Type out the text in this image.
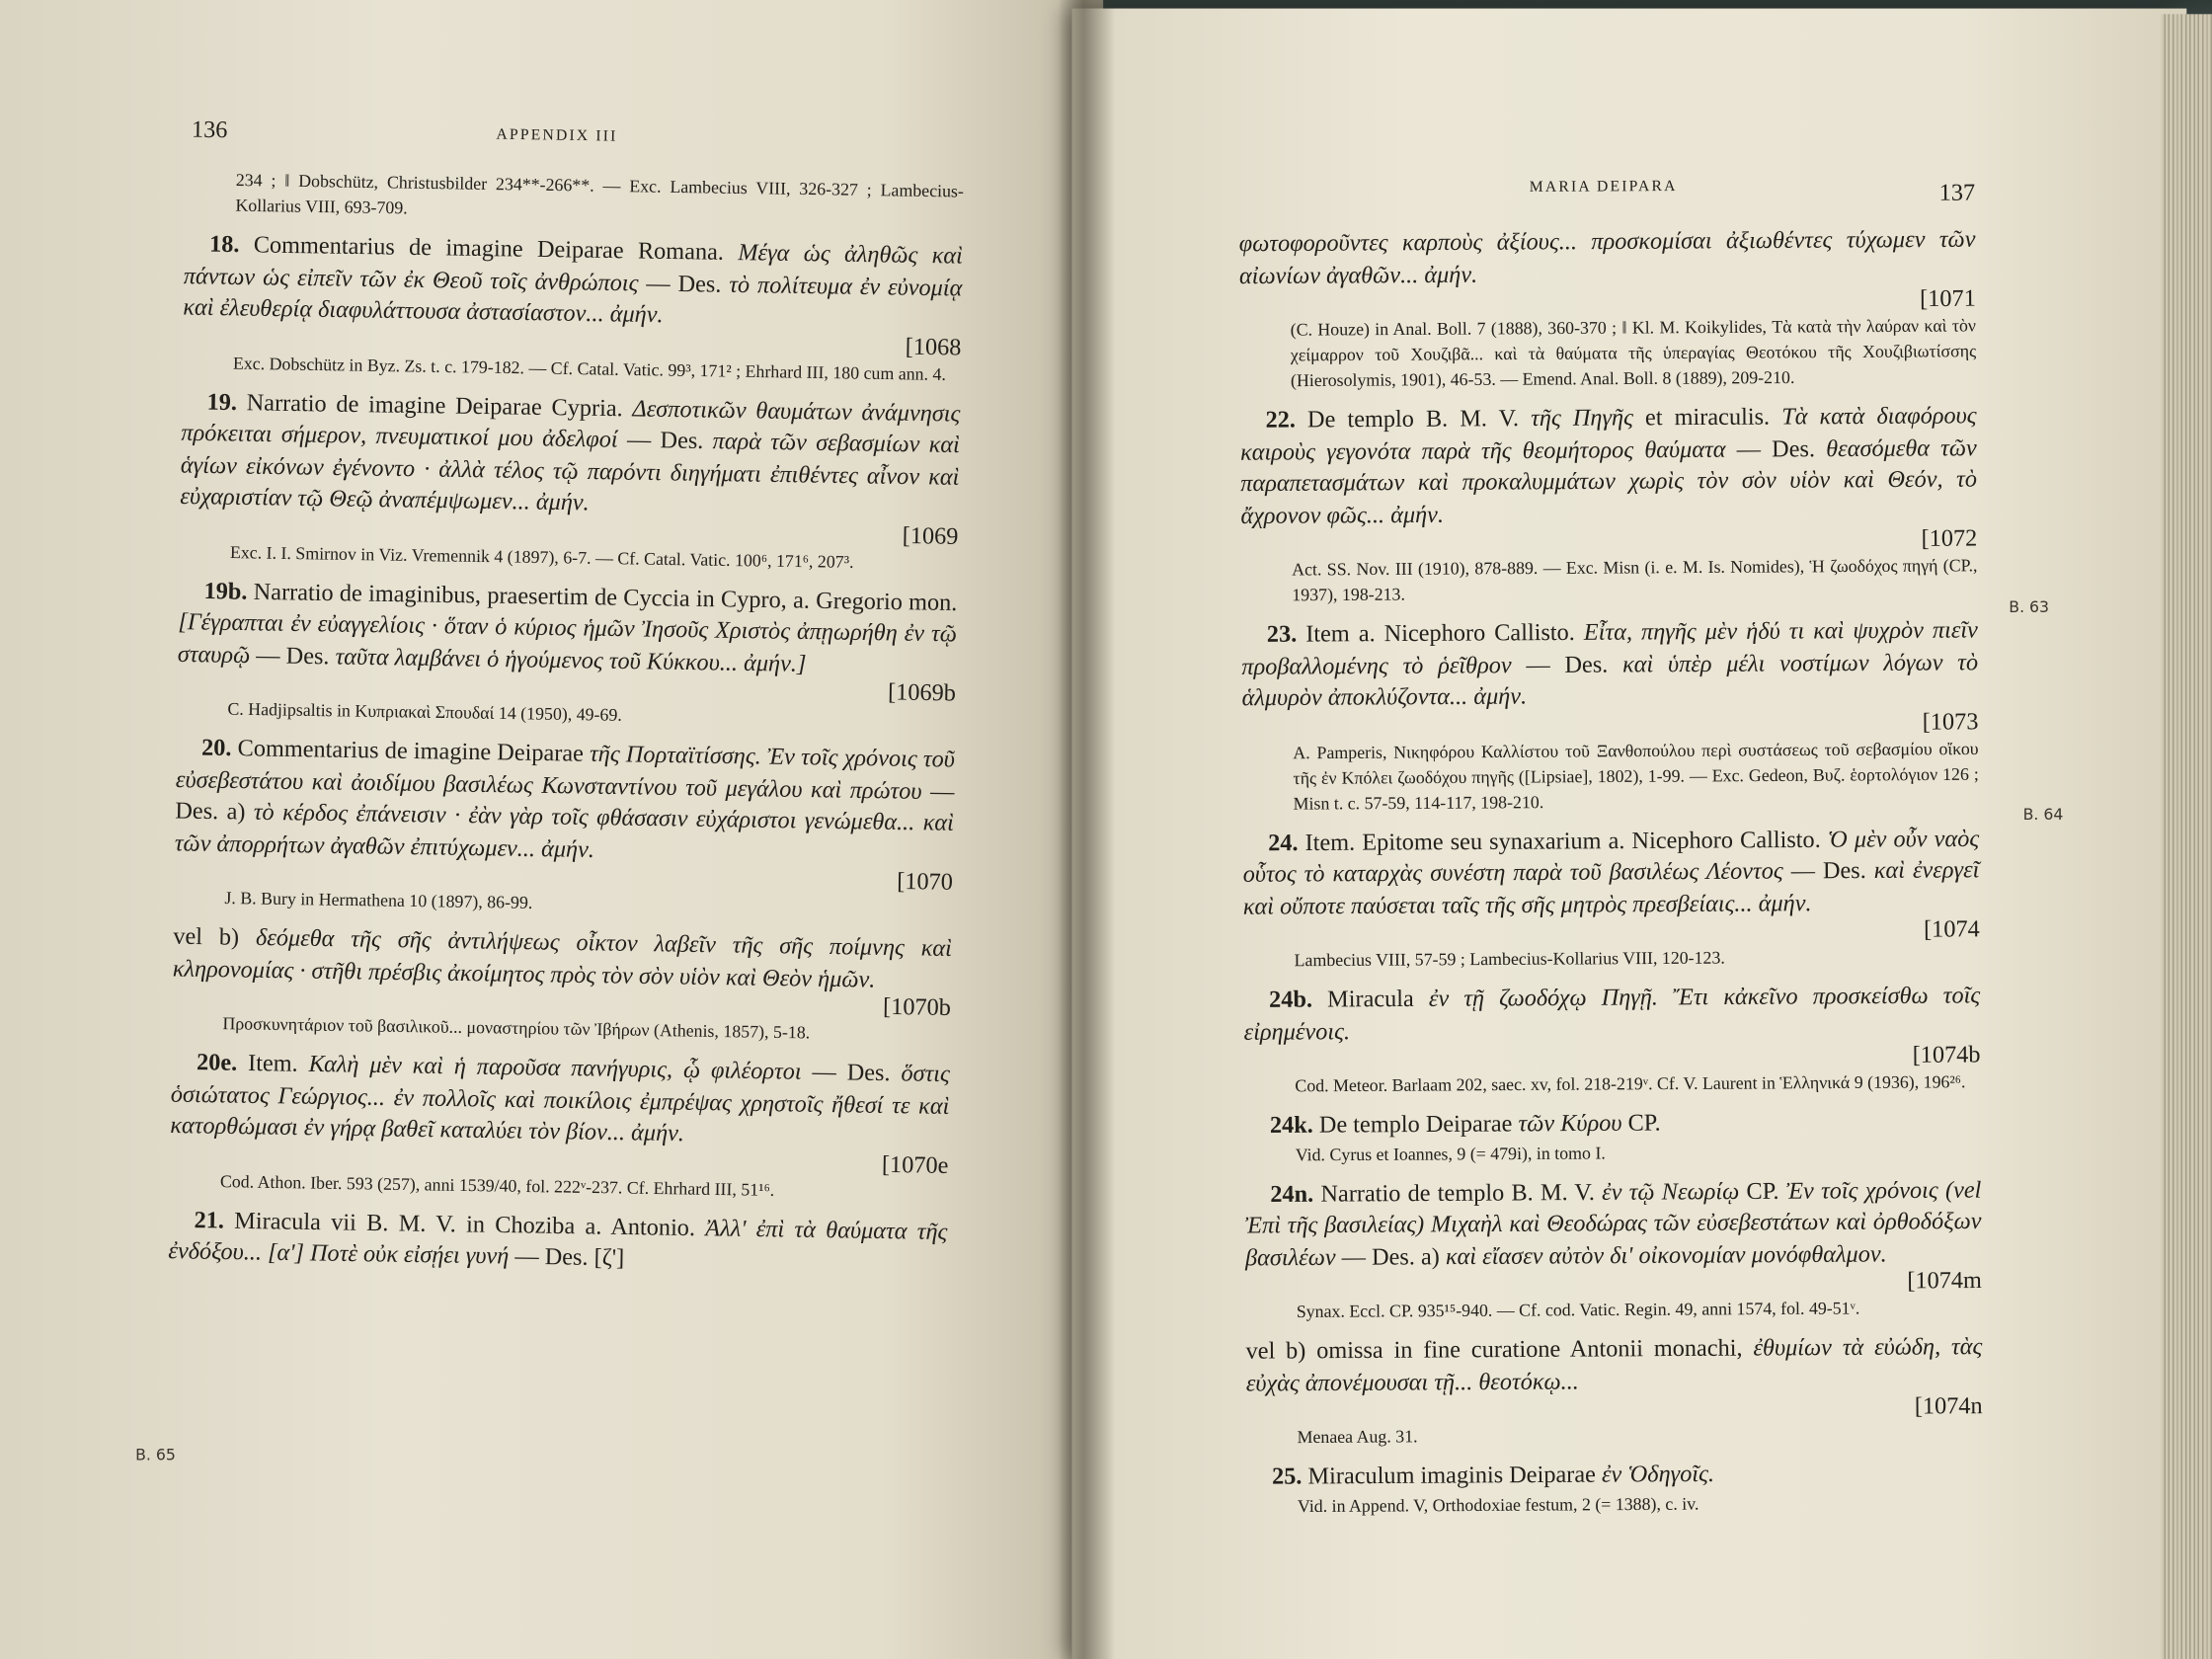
136	APPENDIX III
234 ; ‖ Dobschütz, Christusbilder 234**-266**. — Exc. Lambecius VIII, 326-327 ; Lambecius-Kollarius VIII, 693-709.
18. Commentarius de imagine Deiparae Romana. Μέγα ὡς ἀληθῶς καὶ πάντων ὡς εἰπεῖν τῶν ἐκ Θεοῦ τοῖς ἀνθρώποις — Des. τὸ πολίτευμα ἐν εὐνομίᾳ καὶ ἐλευθερίᾳ διαφυλάττουσα ἀστασίαστον... ἀμήν.
[1068
Exc. Dobschütz in Byz. Zs. t. c. 179-182. — Cf. Catal. Vatic. 99³, 171² ; Ehrhard III, 180 cum ann. 4.
19. Narratio de imagine Deiparae Cypria. Δεσποτικῶν θαυμάτων ἀνάμνησις πρόκειται σήμερον, πνευματικοί μου ἀδελφοί — Des. παρὰ τῶν σεβασμίων καὶ ἁγίων εἰκόνων ἐγένοντο · ἀλλὰ τέλος τῷ παρόντι διηγήματι ἐπιθέντες αἶνον καὶ εὐχαριστίαν τῷ Θεῷ ἀναπέμψωμεν... ἀμήν.
[1069
Exc. I. I. Smirnov in Viz. Vremennik 4 (1897), 6-7. — Cf. Catal. Vatic. 100⁶, 171⁶, 207³.
19b. Narratio de imaginibus, praesertim de Cyccia in Cypro, a. Gregorio mon. [Γέγραπται ἐν εὐαγγελίοις · ὅταν ὁ κύριος ἡμῶν Ἰησοῦς Χριστὸς ἀπῃωρήθη ἐν τῷ σταυρῷ — Des. ταῦτα λαμβάνει ὁ ἡγούμενος τοῦ Κύκκου... ἀμήν.]
[1069b
C. Hadjipsaltis in Κυπριακαὶ Σπουδαί 14 (1950), 49-69.
20. Commentarius de imagine Deiparae τῆς Πορταϊτίσσης. Ἐν τοῖς χρόνοις τοῦ εὐσεβεστάτου καὶ ἀοιδίμου βασιλέως Κωνσταντίνου τοῦ μεγάλου καὶ πρώτου — Des. a) τὸ κέρδος ἐπάνεισιν · ἐὰν γὰρ τοῖς φθάσασιν εὐχάριστοι γενώμεθα... καὶ τῶν ἀπορρήτων ἀγαθῶν ἐπιτύχωμεν... ἀμήν.
[1070
J. B. Bury in Hermathena 10 (1897), 86-99.
vel b) δεόμεθα τῆς σῆς ἀντιλήψεως οἶκτον λαβεῖν τῆς σῆς ποίμνης καὶ κληρονομίας · στῆθι πρέσβις ἀκοίμητος πρὸς τὸν σὸν υἱὸν καὶ Θεὸν ἡμῶν.
[1070b
Προσκυνητάριον τοῦ βασιλικοῦ... μοναστηρίου τῶν Ἰβήρων (Athenis, 1857), 5-18.
20e. Item. Καλὴ μὲν καὶ ἡ παροῦσα πανήγυρις, ᾧ φιλέορτοι — Des. ὅστις ὁσιώτατος Γεώργιος... ἐν πολλοῖς καὶ ποικίλοις ἐμπρέψας χρηστοῖς ἤθεσί τε καὶ κατορθώμασι ἐν γήρᾳ βαθεῖ καταλύει τὸν βίον... ἀμήν.
[1070e
Cod. Athon. Iber. 593 (257), anni 1539/40, fol. 222ᵛ-237. Cf. Ehrhard III, 51¹⁶.
21. Miracula vii B. M. V. in Choziba a. Antonio. Ἀλλ' ἐπὶ τὰ θαύματα τῆς ἐνδόξου... [α'] Ποτὲ οὐκ εἰσῄει γυνή — Des. [ζ']
B. 65
MARIA DEIPARA	137
φωτοφοροῦντες καρποὺς ἀξίους... προσκομίσαι ἀξιωθέντες τύχωμεν τῶν αἰωνίων ἀγαθῶν... ἀμήν.
[1071
(C. Houze) in Anal. Boll. 7 (1888), 360-370 ; ‖ Kl. M. Koikylides, Τὰ κατὰ τὴν λαύραν καὶ τὸν χείμαρρον τοῦ Χουζιβᾶ... καὶ τὰ θαύματα τῆς ὑπεραγίας Θεοτόκου τῆς Χουζιβιωτίσσης (Hierosolymis, 1901), 46-53. — Emend. Anal. Boll. 8 (1889), 209-210.
22. De templo B. M. V. τῆς Πηγῆς et miraculis. Τὰ κατὰ διαφόρους καιροὺς γεγονότα παρὰ τῆς θεομήτορος θαύματα — Des. θεασόμεθα τῶν παραπετασμάτων καὶ προκαλυμμάτων χωρὶς τὸν σὸν υἱὸν καὶ Θεόν, τὸ ἄχρονον φῶς... ἀμήν.
[1072
Act. SS. Nov. III (1910), 878-889. — Exc. Misn (i. e. M. Is. Nomides), Ἡ ζωοδόχος πηγή (CP., 1937), 198-213.
23. Item a. Nicephoro Callisto. Εἶτα, πηγῆς μὲν ἡδύ τι καὶ ψυχρὸν πιεῖν προβαλλομένης τὸ ῥεῖθρον — Des. καὶ ὑπὲρ μέλι νοστίμων λόγων τὸ ἁλμυρὸν ἀποκλύζοντα... ἀμήν.
[1073
A. Pamperis, Νικηφόρου Καλλίστου τοῦ Ξανθοπούλου περὶ συστάσεως τοῦ σεβασμίου οἴκου τῆς ἐν Κπόλει ζωοδόχου πηγῆς ([Lipsiae], 1802), 1-99. — Exc. Gedeon, Βυζ. ἑορτολόγιον 126 ; Misn t. c. 57-59, 114-117, 198-210.
24. Item. Epitome seu synaxarium a. Nicephoro Callisto. Ὁ μὲν οὖν ναὸς οὗτος τὸ καταρχὰς συνέστη παρὰ τοῦ βασιλέως Λέοντος — Des. καὶ ἐνεργεῖ καὶ οὔποτε παύσεται ταῖς τῆς σῆς μητρὸς πρεσβείαις... ἀμήν.
[1074
Lambecius VIII, 57-59 ; Lambecius-Kollarius VIII, 120-123.
24b. Miracula ἐν τῇ ζωοδόχῳ Πηγῇ. Ἔτι κἀκεῖνο προσκείσθω τοῖς εἰρημένοις.
[1074b
Cod. Meteor. Barlaam 202, saec. xv, fol. 218-219ᵛ. Cf. V. Laurent in Ἑλληνικά 9 (1936), 196²⁶.
24k. De templo Deiparae τῶν Κύρου CP.
Vid. Cyrus et Ioannes, 9 (= 479i), in tomo I.
24n. Narratio de templo B. M. V. ἐν τῷ Νεωρίῳ CP. Ἐν τοῖς χρόνοις (vel Ἐπὶ τῆς βασιλείας) Μιχαὴλ καὶ Θεοδώρας τῶν εὐσεβεστάτων καὶ ὀρθοδόξων βασιλέων — Des. a) καὶ εἴασεν αὐτὸν δι' οἰκονομίαν μονόφθαλμον.
[1074m
Synax. Eccl. CP. 935¹⁵-940. — Cf. cod. Vatic. Regin. 49, anni 1574, fol. 49-51ᵛ.
vel b) omissa in fine curatione Antonii monachi, ἐθυμίων τὰ εὐώδη, τὰς εὐχὰς ἀπονέμουσαι τῇ... θεοτόκῳ...
[1074n
Menaea Aug. 31.
25. Miraculum imaginis Deiparae ἐν Ὁδηγοῖς.
Vid. in Append. V, Orthodoxiae festum, 2 (= 1388), c. iv.
B. 63
B. 64
